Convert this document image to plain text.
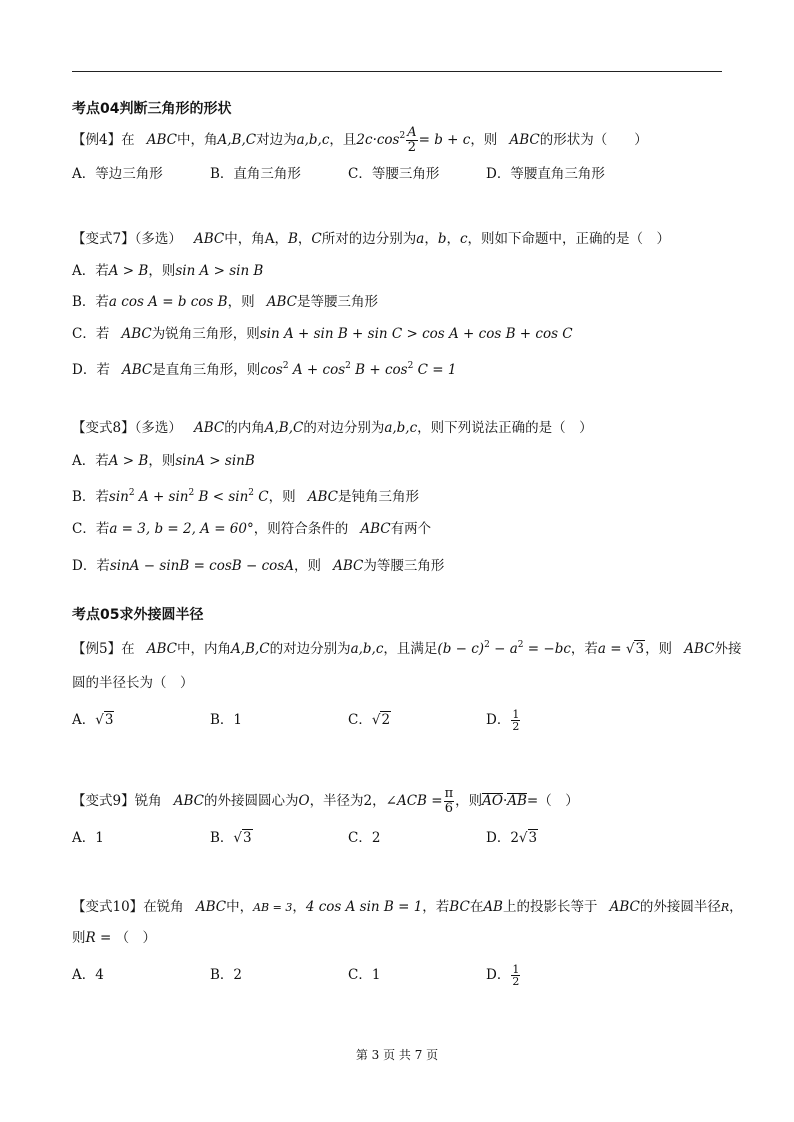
考点04判断三角形的形状
【例4】在 ABC中，角A,B,C对边为a,b,c，且$2c\cdot\cos^2 \frac{A}{2} = b + c$，则 ABC的形状为（　　）
A．等边三角形	B．直角三角形	C．等腰三角形	D．等腰直角三角形
【变式7】（多选） ABC中，角A，B，C所对的边分别为a，b，c，则如下命题中，正确的是（　）
A．若A > B，则sin A > sin B
B．若a cos A = b cos B，则 ABC是等腰三角形
C．若 ABC为锐角三角形，则sin A + sin B + sin C > cos A + cos B + cos C
D．若 ABC是直角三角形，则$\cos^2 A + \cos^2 B + \cos^2 C = 1$
【变式8】（多选） ABC的内角A,B,C的对边分别为a,b,c，则下列说法正确的是（　）
A．若A > B，则sinA > sinB
B．若$\sin^2 A + \sin^2 B < \sin^2 C$，则 ABC是钝角三角形
C．若a = 3, b = 2, A = 60°，则符合条件的 ABC有两个
D．若sinA − sinB = cosB − cosA，则 ABC为等腰三角形
考点05求外接圆半径
【例5】在 ABC中，内角A,B,C的对边分别为a,b,c，且满足$(b - c)^2 - a^2 = -bc$，若a = √3，则 ABC外接
圆的半径长为（　）
A．√3	B．1	C．√2	D． $\frac{1}{2}$
【变式9】锐角 ABC的外接圆圆心为O，半径为2，∠ACB = $\frac{\pi}{6}$ ，则AO·AB=（　）
A．1	B．√3	C．2	D．2√3
【变式10】在锐角 ABC中，AB = 3，4 cos A sin B = 1，若BC在AB上的投影长等于 ABC的外接圆半径R，
则R = （　）
A．4	B．2	C．1	D． $\frac{1}{2}$
第 3 页 共 7 页
